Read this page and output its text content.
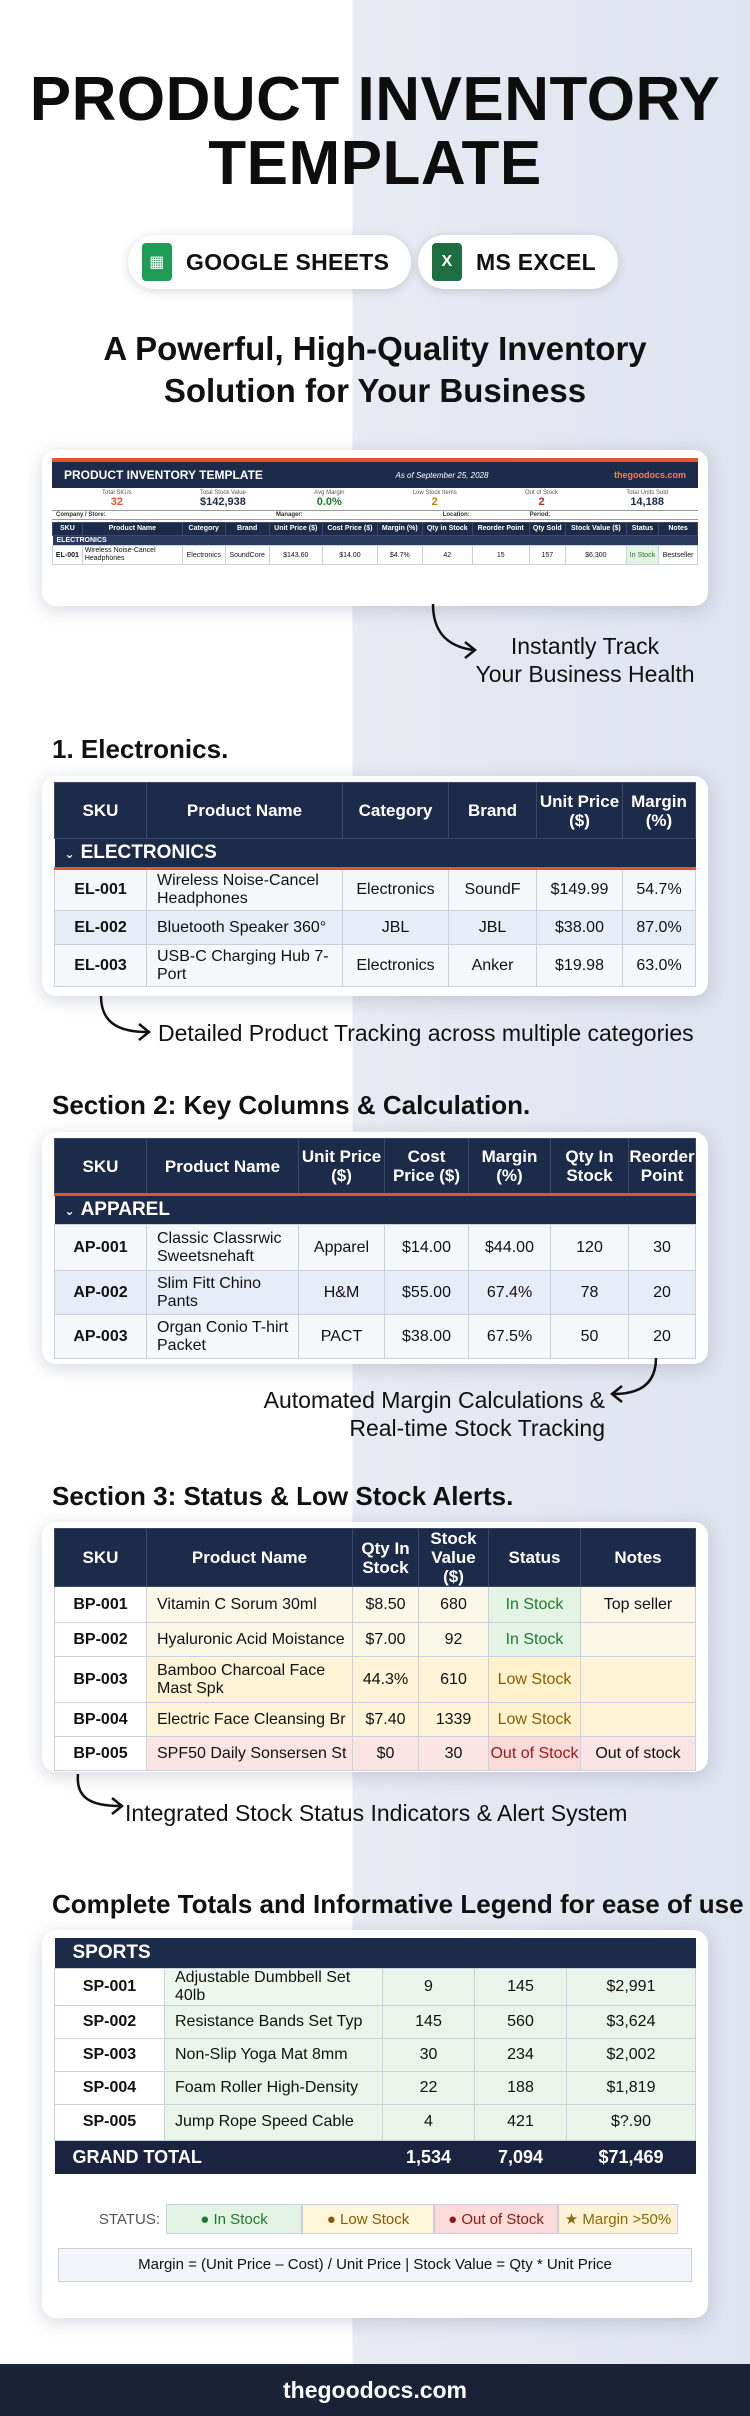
PRODUCT INVENTORY
TEMPLATE
▦ GOOGLE SHEETS	X	MS EXCEL
A Powerful, High-Quality Inventory
Solution for Your Business
PRODUCT INVENTORY TEMPLATE	As of September 25, 2028	thegoodocs.com
Total SKUs
32
Total Stock Value
$142,938
Avg Margin
0.0%
Low Stock Items
2
Out of Stock
2
Total Units Sold
14,188
Company / Store:	Manager:	Location:	Period:
SKU	Product Name	Category	Brand	Unit Price ($)	Cost Price ($)	Margin (%)	Qty in Stock	Reorder Point	Qty Sold	Stock Value ($)	Status	Notes
ELECTRONICS												
EL-001	Wireless Noise-Cancel Headphones	Electronics	SoundCore	$143.60	$14.00	$4.7%	42	15	157	$6,300	In Stock	Bestseller
Instantly Track
Your Business Health
1. Electronics.
SKU	Product Name	Category	Brand	Unit Price ($)	Margin (%)
⌄ ELECTRONICS					
EL-001	Wireless Noise-Cancel Headphones	Electronics	SoundF	$149.99	54.7%
EL-002	Bluetooth Speaker 360°	JBL	JBL	$38.00	87.0%
EL-003	USB-C Charging Hub 7-Port	Electronics	Anker	$19.98	63.0%
Detailed Product Tracking across multiple categories
Section 2: Key Columns & Calculation.
SKU	Product Name	Unit Price ($)	Cost Price ($)	Margin (%)	Qty In Stock	Reorder Point
⌄ APPAREL						
AP-001	Classic Classrwic Sweetsnehaft	Apparel	$14.00	$44.00	120	30
AP-002	Slim Fitt Chino Pants	H&M	$55.00	67.4%	78	20
AP-003	Organ Conio T-hirt Packet	PACT	$38.00	67.5%	50	20
Automated Margin Calculations &
Real-time Stock Tracking
Section 3: Status & Low Stock Alerts.
SKU	Product Name	Qty In Stock	Stock Value ($)	Status	Notes
BP-001	Vitamin C Sorum 30ml	$8.50	680	In Stock	Top seller
BP-002	Hyaluronic Acid Moistance	$7.00	92	In Stock	
BP-003	Bamboo Charcoal Face Mast Spk	44.3%	610	Low Stock	
BP-004	Electric Face Cleansing Br	$7.40	1339	Low Stock	
BP-005	SPF50 Daily Sonsersen St	$0	30	Out of Stock	Out of stock
Integrated Stock Status Indicators & Alert System
Complete Totals and Informative Legend for ease of use
SPORTS				
SP-001	Adjustable Dumbbell Set 40lb	9	145	$2,991
SP-002	Resistance Bands Set Typ	145	560	$3,624
SP-003	Non-Slip Yoga Mat 8mm	30	234	$2,002
SP-004	Foam Roller High-Density	22	188	$1,819
SP-005	Jump Rope Speed Cable	4	421	$?.90
GRAND TOTAL		1,534	7,094	$71,469
STATUS:	● In Stock	● Low Stock	● Out of Stock	★ Margin >50%
Margin = (Unit Price – Cost) / Unit Price | Stock Value = Qty * Unit Price
thegoodocs.com
